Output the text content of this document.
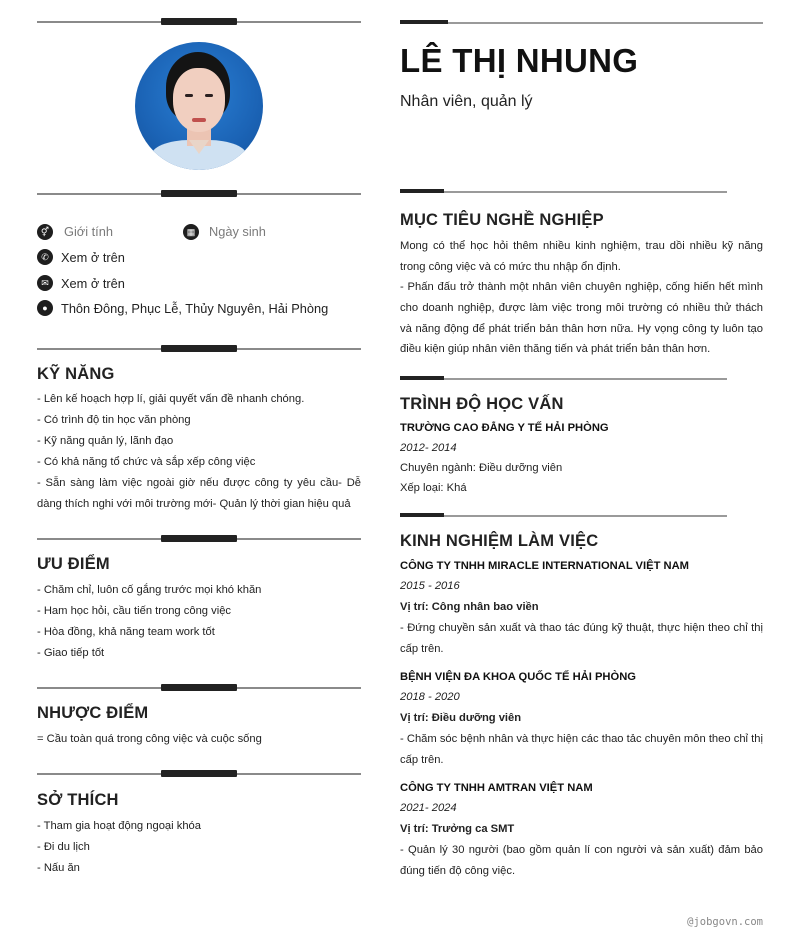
⚥	Giới tính	▦ Ngày sinh
✆ Xem ở trên
✉ Xem ở trên
●	Thôn Đông, Phục Lễ, Thủy Nguyên, Hải Phòng
KỸ NĂNG
- Lên kế hoạch hợp lí, giải quyết vấn đề nhanh chóng.
- Có trình độ tin học văn phòng
- Kỹ năng quản lý, lãnh đạo
- Có khả năng tổ chức và sắp xếp công việc
- Sẵn sàng làm việc ngoài giờ nếu được công ty yêu cầu- Dễ dàng thích nghi với môi trường mới- Quản lý thời gian hiệu quả
ƯU ĐIỂM
- Chăm chỉ, luôn cố gắng trước mọi khó khăn
- Ham học hỏi, cầu tiến trong công việc
- Hòa đồng, khả năng team work tốt
- Giao tiếp tốt
NHƯỢC ĐIỂM
= Cầu toàn quá trong công việc và cuộc sống
SỞ THÍCH
- Tham gia hoạt động ngoại khóa
- Đi du lịch
- Nấu ăn
LÊ THỊ NHUNG
Nhân viên, quản lý
MỤC TIÊU NGHỀ NGHIỆP
Mong có thể học hỏi thêm nhiều kinh nghiệm, trau dồi nhiều kỹ năng trong công việc và có mức thu nhập ổn định.
- Phấn đấu trở thành một nhân viên chuyên nghiệp, cống hiến hết mình cho doanh nghiệp, được làm việc trong môi trường có nhiều thử thách và năng động để phát triển bản thân hơn nữa. Hy vọng công ty luôn tạo điều kiện giúp nhân viên thăng tiến và phát triển bản thân hơn.
TRÌNH ĐỘ HỌC VẤN
TRƯỜNG CAO ĐẲNG Y TẾ HẢI PHÒNG
2012- 2014
Chuyên ngành: Điều dưỡng viên
Xếp loại: Khá
KINH NGHIỆM LÀM VIỆC
CÔNG TY TNHH MIRACLE INTERNATIONAL VIỆT NAM
2015 - 2016
Vị trí: Công nhân bao viền
- Đứng chuyền sản xuất và thao tác đúng kỹ thuật, thực hiện theo chỉ thị cấp trên.
BỆNH VIỆN ĐA KHOA QUỐC TẾ HẢI PHÒNG
2018 - 2020
Vị trí: Điều dưỡng viên
- Chăm sóc bệnh nhân và thực hiện các thao tảc chuyên môn theo chỉ thị cấp trên.
CÔNG TY TNHH AMTRAN VIỆT NAM
2021- 2024
Vị trí: Trưởng ca SMT
- Quản lý 30 người (bao gồm quản lí con người và sản xuất) đảm bảo đúng tiến độ công việc.
@jobgovn.com
